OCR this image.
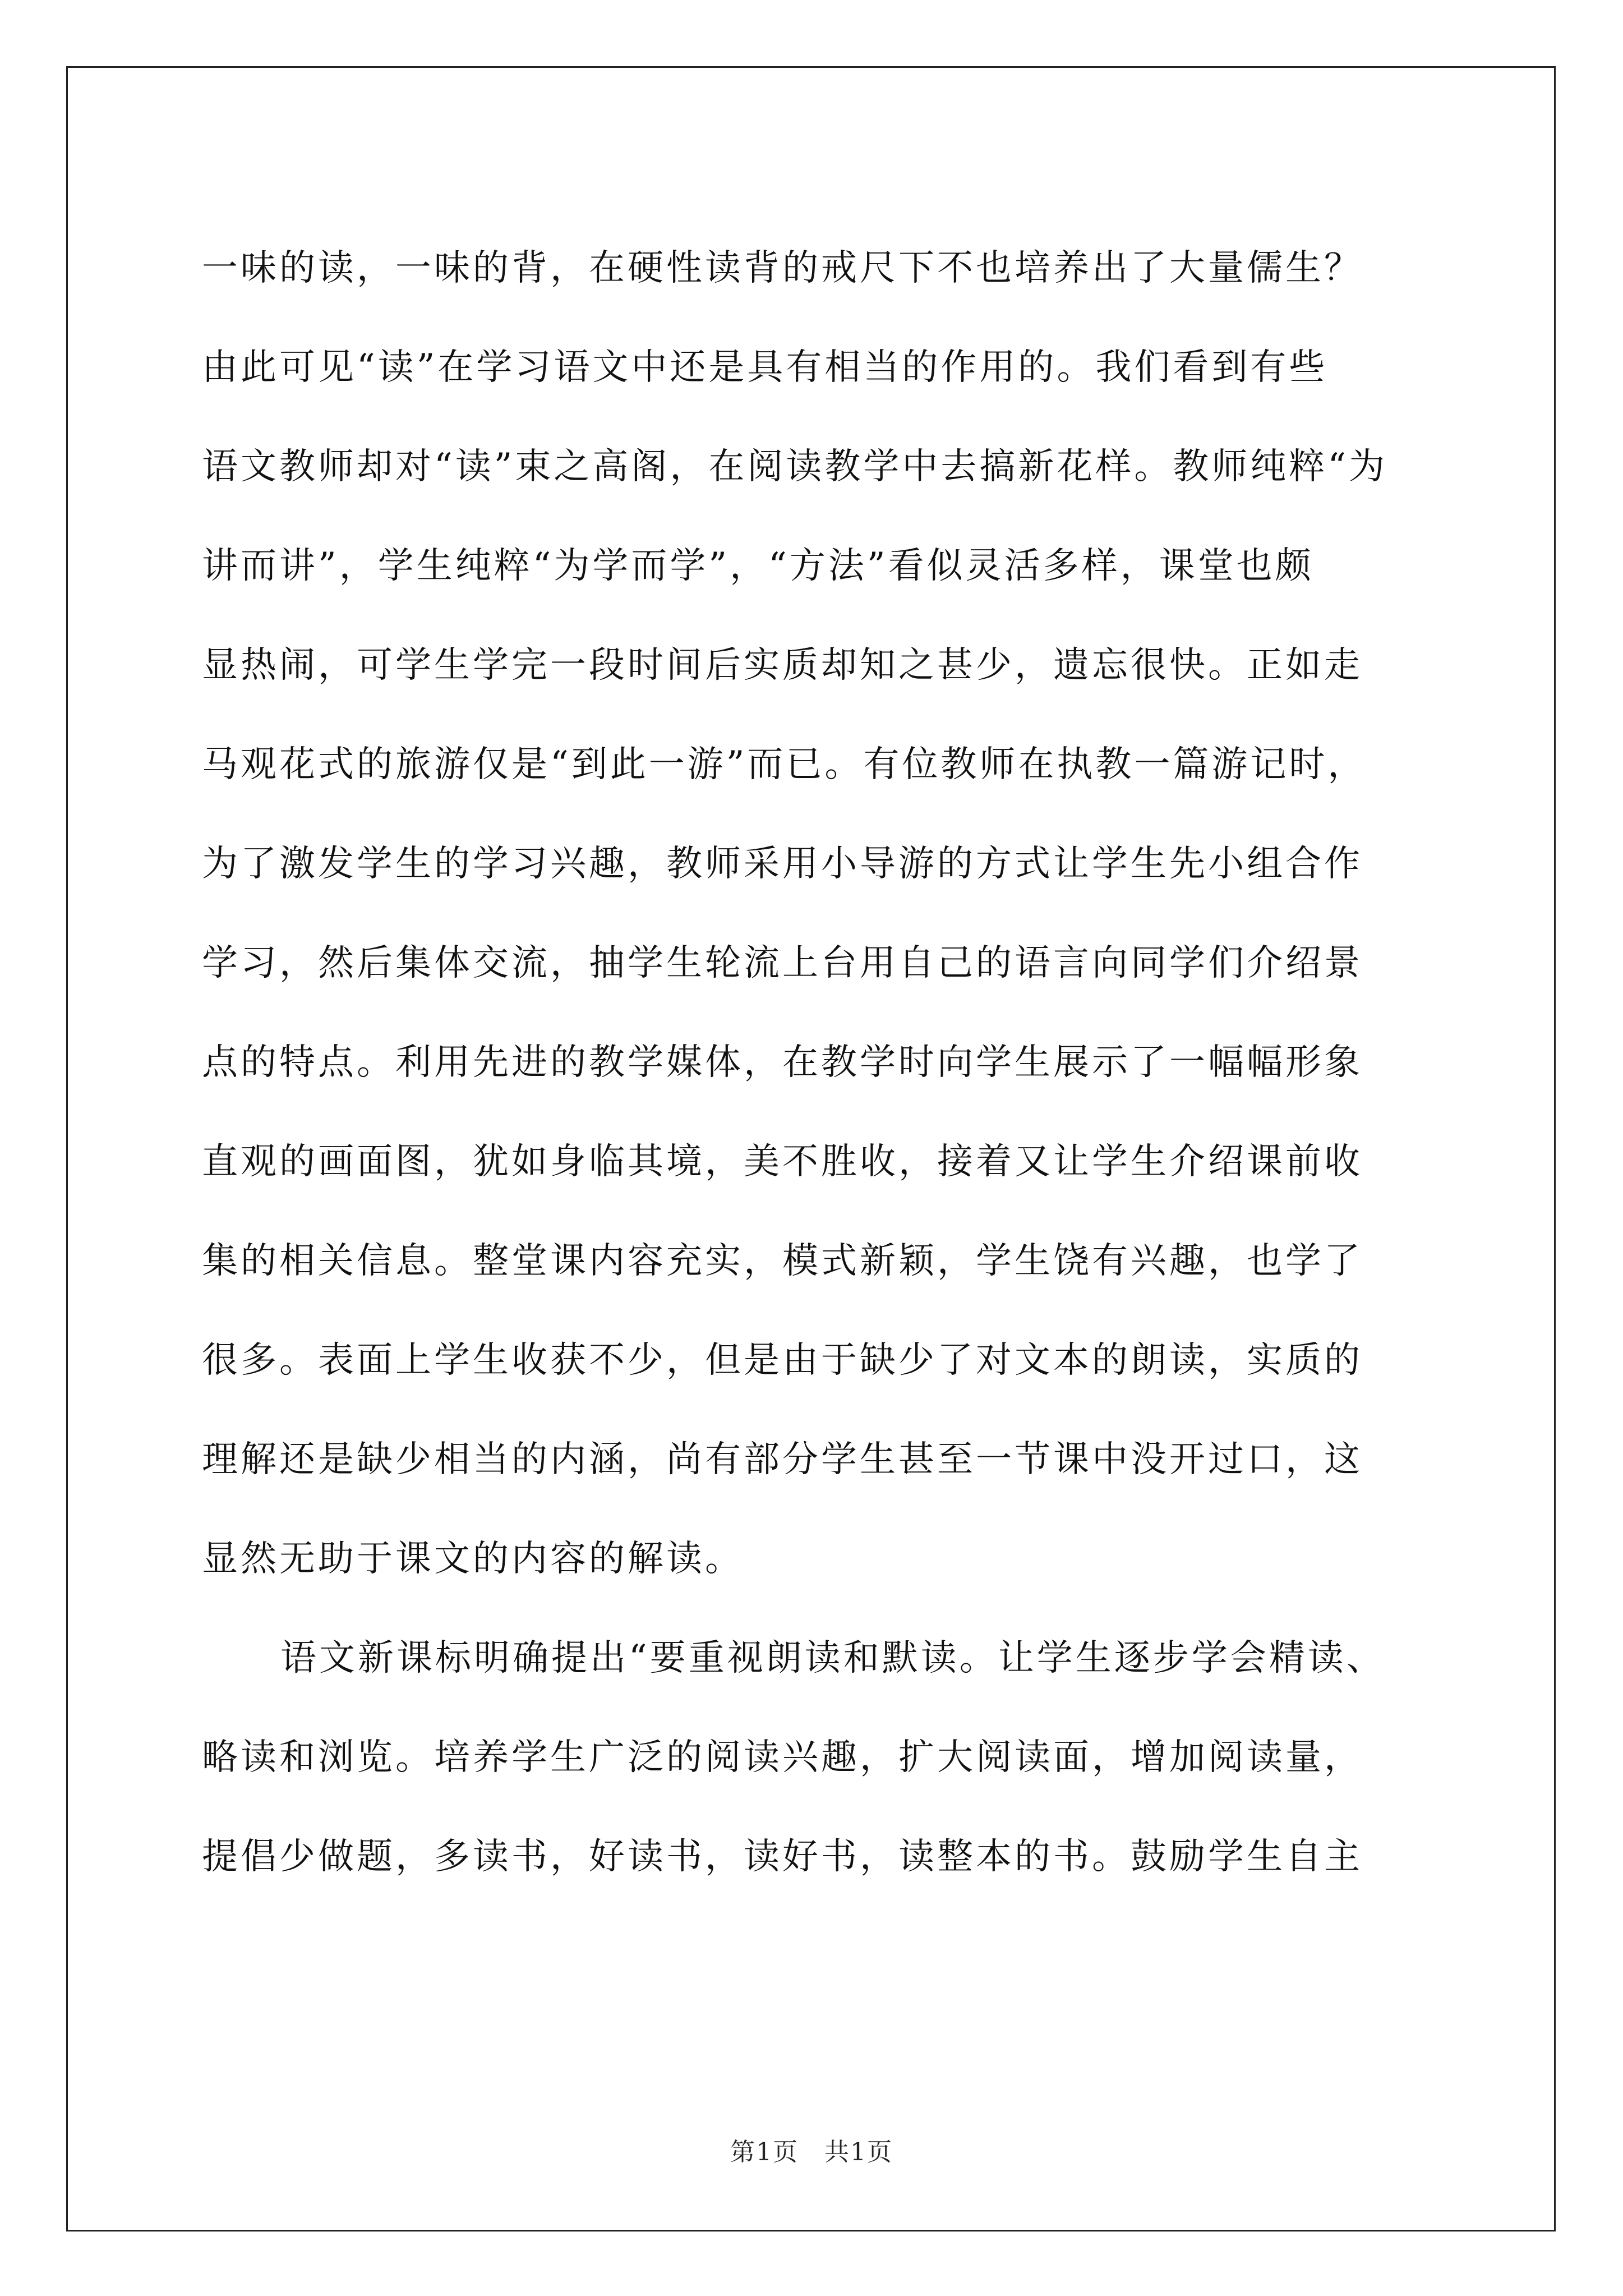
一味的读，一味的背，在硬性读背的戒尺下不也培养出了大量儒生？
由此可见“读”在学习语文中还是具有相当的作用的。我们看到有些
语文教师却对“读”束之高阁，在阅读教学中去搞新花样。教师纯粹“为
讲而讲”，学生纯粹“为学而学”，“方法”看似灵活多样，课堂也颇
显热闹，可学生学完一段时间后实质却知之甚少，遗忘很快。正如走
马观花式的旅游仅是“到此一游”而已。有位教师在执教一篇游记时，
为了激发学生的学习兴趣，教师采用小导游的方式让学生先小组合作
学习，然后集体交流，抽学生轮流上台用自己的语言向同学们介绍景
点的特点。利用先进的教学媒体，在教学时向学生展示了一幅幅形象
直观的画面图，犹如身临其境，美不胜收，接着又让学生介绍课前收
集的相关信息。整堂课内容充实，模式新颖，学生饶有兴趣，也学了
很多。表面上学生收获不少，但是由于缺少了对文本的朗读，实质的
理解还是缺少相当的内涵，尚有部分学生甚至一节课中没开过口，这
显然无助于课文的内容的解读。
语文新课标明确提出“要重视朗读和默读。让学生逐步学会精读、
略读和浏览。培养学生广泛的阅读兴趣，扩大阅读面，增加阅读量，
提倡少做题，多读书，好读书，读好书，读整本的书。鼓励学生自主
第1页　共1页
